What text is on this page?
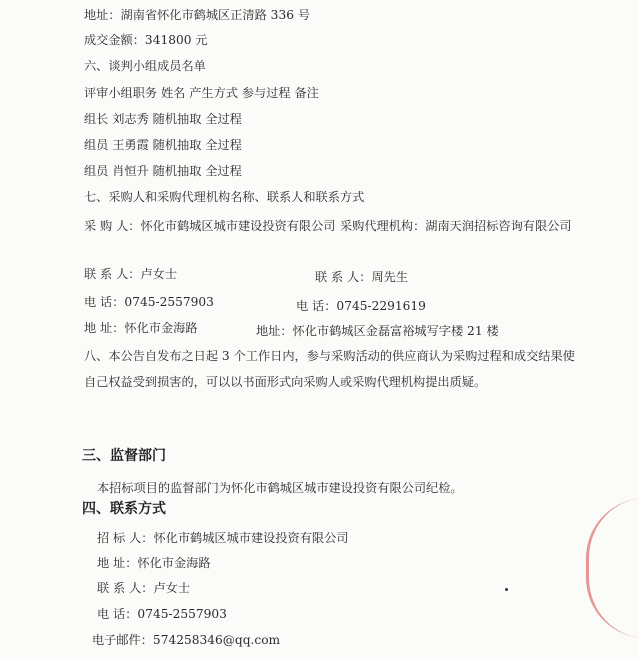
地址：湖南省怀化市鹤城区正清路 336 号
成交金额：341800 元
六、谈判小组成员名单
评审小组职务 姓名 产生方式 参与过程 备注
组长 刘志秀 随机抽取 全过程
组员 王勇霞 随机抽取 全过程
组员 肖恒升 随机抽取 全过程
七、采购人和采购代理机构名称、联系人和联系方式
采 购 人：怀化市鹤城区城市建设投资有限公司 采购代理机构：湖南天润招标咨询有限公司
联 系 人：卢女士	联 系 人：周先生
电 话：0745-2557903	电 话：0745-2291619
地 址：怀化市金海路	地址：怀化市鹤城区金磊富裕城写字楼 21 楼
八、本公告自发布之日起 3 个工作日内，参与采购活动的供应商认为采购过程和成交结果使
自己权益受到损害的，可以以书面形式向采购人或采购代理机构提出质疑。
三、监督部门
本招标项目的监督部门为怀化市鹤城区城市建设投资有限公司纪检。
四、联系方式
招 标 人：怀化市鹤城区城市建设投资有限公司
地 址：怀化市金海路
联 系 人：卢女士
电 话：0745-2557903
电子邮件：574258346@qq.com
